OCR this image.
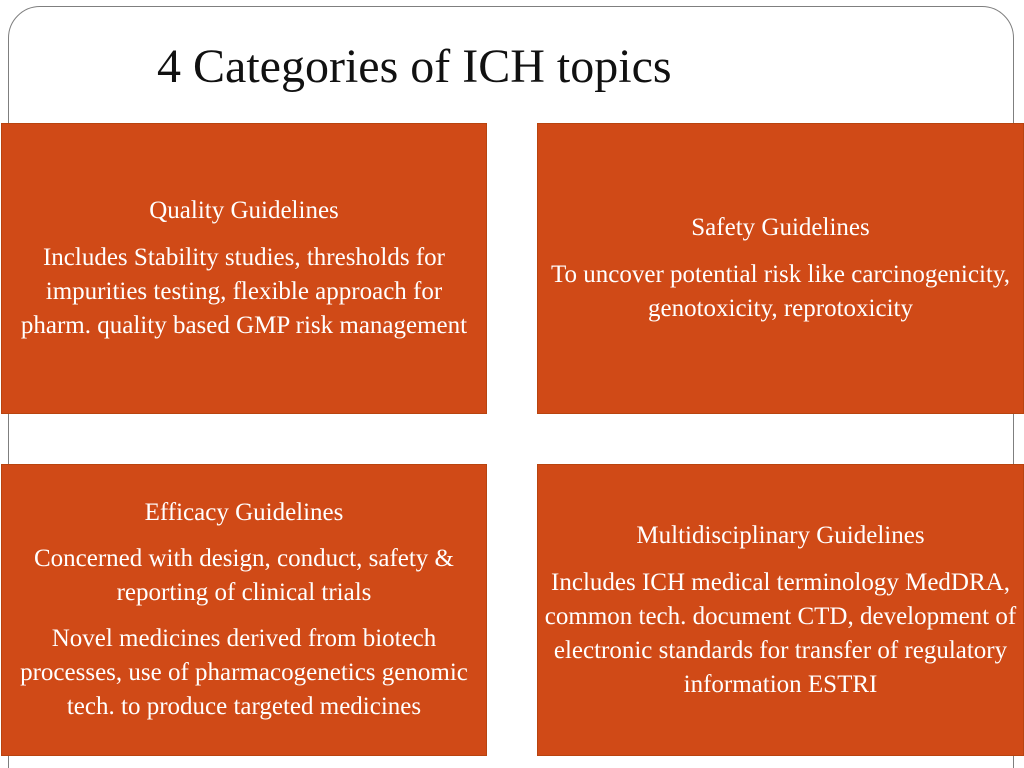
4 Categories of ICH topics

Quality Guidelines

Includes Stability studies, thresholds for impurities testing, flexible approach for pharm. quality based GMP risk management

Safety Guidelines

To uncover potential risk like carcinogenicity, genotoxicity, reprotoxicity

Efficacy Guidelines

Concerned with design, conduct, safety & reporting of clinical trials

Novel medicines derived from biotech processes, use of pharmacogenetics genomic tech. to produce targeted medicines

Multidisciplinary Guidelines

Includes ICH medical terminology MedDRA, common tech. document CTD, development of electronic standards for transfer of regulatory information ESTRI
